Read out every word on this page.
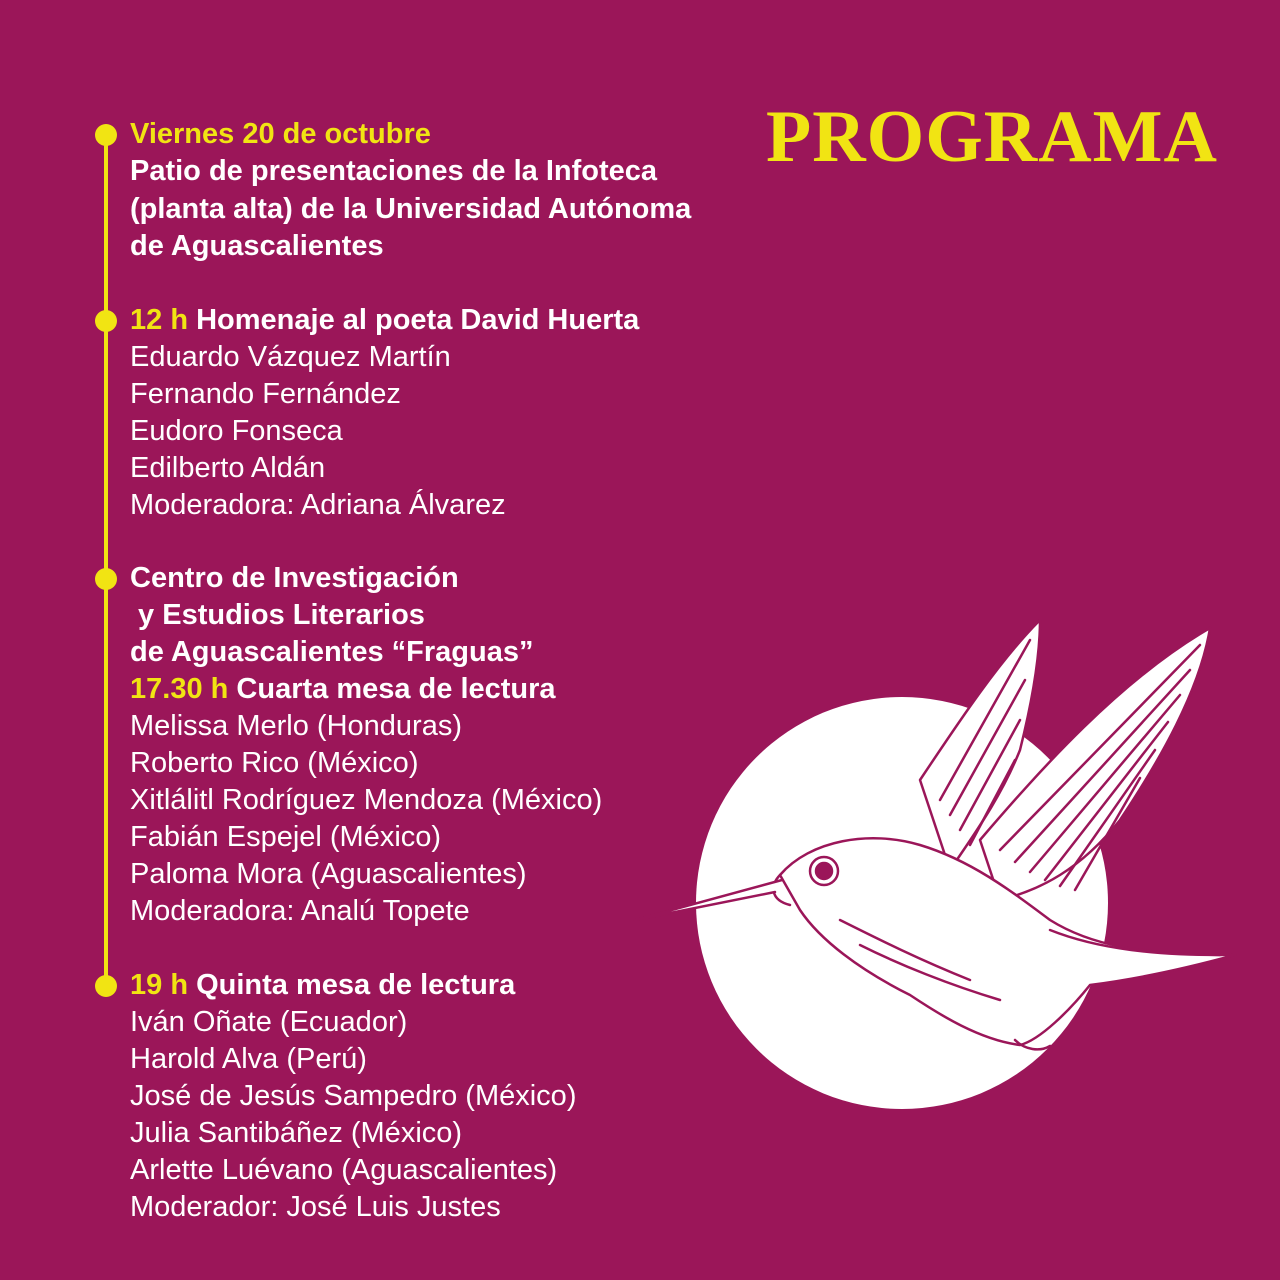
PROGRAMA

Viernes 20 de octubre

Patio de presentaciones de la Infoteca

(planta alta) de la Universidad Autónoma

de Aguascalientes

12 h Homenaje al poeta David Huerta

Eduardo Vázquez Martín

Fernando Fernández

Eudoro Fonseca

Edilberto Aldán

Moderadora: Adriana Álvarez

Centro de Investigación

y Estudios Literarios

de Aguascalientes “Fraguas”

17.30 h Cuarta mesa de lectura

Melissa Merlo (Honduras)

Roberto Rico (México)

Xitlálitl Rodríguez Mendoza (México)

Fabián Espejel (México)

Paloma Mora (Aguascalientes)

Moderadora: Analú Topete

19 h Quinta mesa de lectura

Iván Oñate (Ecuador)

Harold Alva (Perú)

José de Jesús Sampedro (México)

Julia Santibáñez (México)

Arlette Luévano (Aguascalientes)

Moderador: José Luis Justes
